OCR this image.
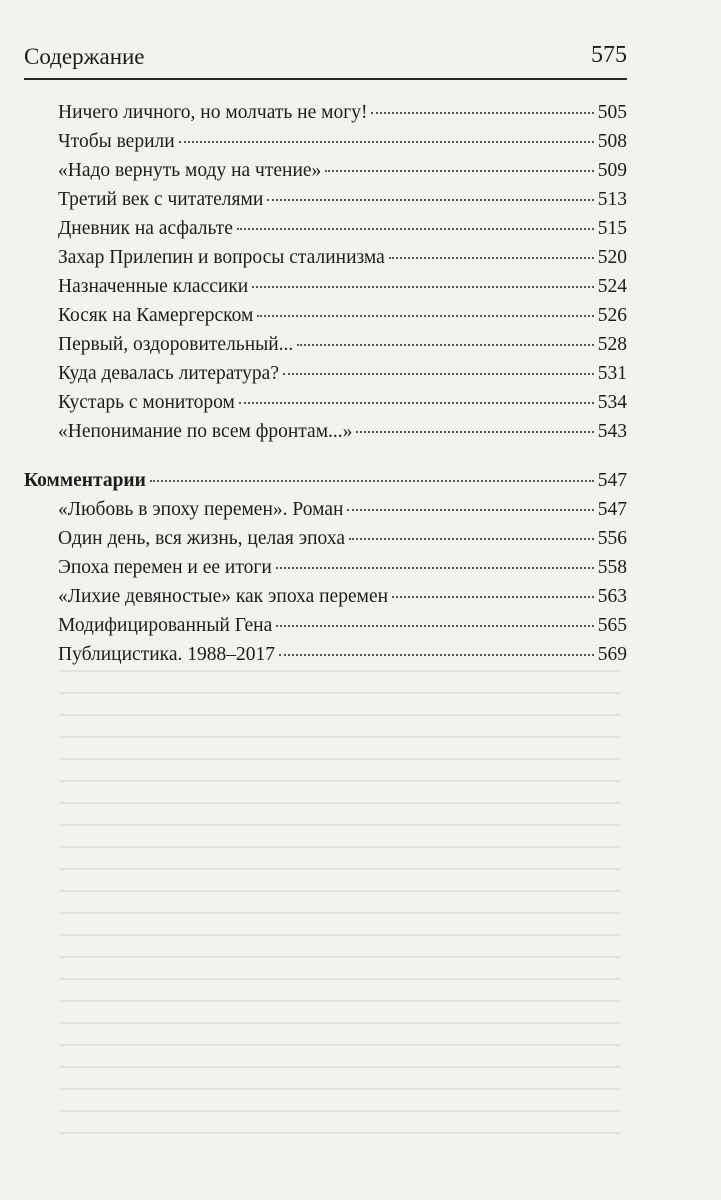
Содержание	575
Ничего личного, но молчать не могу!	505
Чтобы верили	508
«Надо вернуть моду на чтение»	509
Третий век с читателями	513
Дневник на асфальте	515
Захар Прилепин и вопросы сталинизма	520
Назначенные классики	524
Косяк на Камергерском	526
Первый, оздоровительный...	528
Куда девалась литература?	531
Кустарь с монитором	534
«Непонимание по всем фронтам...»	543
Комментарии	547
«Любовь в эпоху перемен». Роман	547
Один день, вся жизнь, целая эпоха	556
Эпоха перемен и ее итоги	558
«Лихие девяностые» как эпоха перемен	563
Модифицированный Гена	565
Публицистика. 1988–2017	569
